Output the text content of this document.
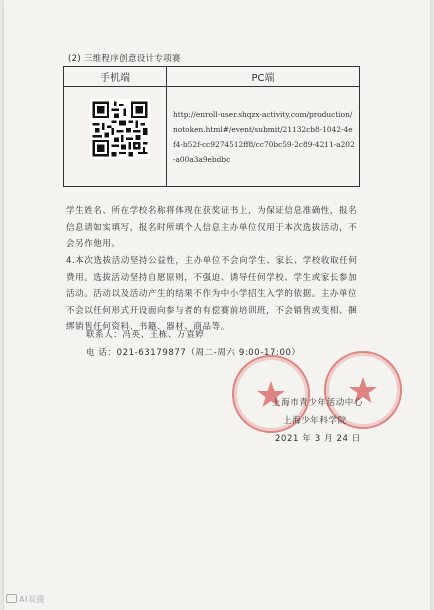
(2) 三维程序创意设计专项赛
手机端	PC端

	http://enroll-user.shqzx-activity.com/production/notoken.html#/event/submit/21132cb8-1042-4ef4-b52f-cc9274512ff8/cc70bc59-2c89-4211-a202-a00a3a9ebdbc
学生姓名、所在学校名称将体现在获奖证书上，为保证信息准确性，报名信息请如实填写，报名时所填个人信息主办单位仅用于本次选拔活动，不会另作他用。
4.本次选拔活动坚持公益性，主办单位不会向学生、家长、学校收取任何费用。选拔活动坚持自愿原则，不强迫、诱导任何学校、学生或家长参加活动。活动以及活动产生的结果不作为中小学招生入学的依据。主办单位不会以任何形式开设面向参与者的有偿赛前培训班，不会销售或变相、捆绑销售任何资料、书籍、器材、商品等。
联系人：冯英、王栋、万袁婷
电 话：021-63179877（周二-周六 9:00-17:00）
上海市青少年活动中心
上海少年科学院
2021 年 3 月 24 日
AI双摄
